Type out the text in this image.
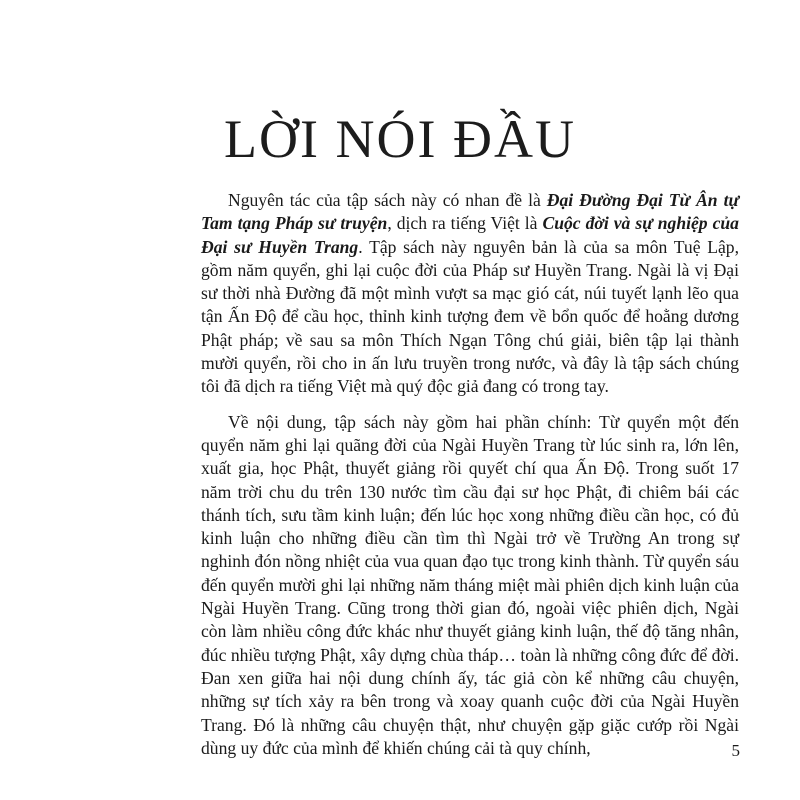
LỜI NÓI ĐẦU

Nguyên tác của tập sách này có nhan đề là Đại Đường Đại Từ Ân tự Tam tạng Pháp sư truyện, dịch ra tiếng Việt là Cuộc đời và sự nghiệp của Đại sư Huyền Trang. Tập sách này nguyên bản là của sa môn Tuệ Lập, gồm năm quyển, ghi lại cuộc đời của Pháp sư Huyền Trang. Ngài là vị Đại sư thời nhà Đường đã một mình vượt sa mạc gió cát, núi tuyết lạnh lẽo qua tận Ấn Độ để cầu học, thỉnh kinh tượng đem về bổn quốc để hoằng dương Phật pháp; về sau sa môn Thích Ngạn Tông chú giải, biên tập lại thành mười quyển, rồi cho in ấn lưu truyền trong nước, và đây là tập sách chúng tôi đã dịch ra tiếng Việt mà quý độc giả đang có trong tay.

Về nội dung, tập sách này gồm hai phần chính: Từ quyển một đến quyển năm ghi lại quãng đời của Ngài Huyền Trang từ lúc sinh ra, lớn lên, xuất gia, học Phật, thuyết giảng rồi quyết chí qua Ấn Độ. Trong suốt 17 năm trời chu du trên 130 nước tìm cầu đại sư học Phật, đi chiêm bái các thánh tích, sưu tầm kinh luận; đến lúc học xong những điều cần học, có đủ kinh luận cho những điều cần tìm thì Ngài trở về Trường An trong sự nghinh đón nồng nhiệt của vua quan đạo tục trong kinh thành. Từ quyển sáu đến quyển mười ghi lại những năm tháng miệt mài phiên dịch kinh luận của Ngài Huyền Trang. Cũng trong thời gian đó, ngoài việc phiên dịch, Ngài còn làm nhiều công đức khác như thuyết giảng kinh luận, thế độ tăng nhân, đúc nhiều tượng Phật, xây dựng chùa tháp… toàn là những công đức để đời. Đan xen giữa hai nội dung chính ấy, tác giả còn kể những câu chuyện, những sự tích xảy ra bên trong và xoay quanh cuộc đời của Ngài Huyền Trang. Đó là những câu chuyện thật, như chuyện gặp giặc cướp rồi Ngài dùng uy đức của mình để khiến chúng cải tà quy chính,	5
